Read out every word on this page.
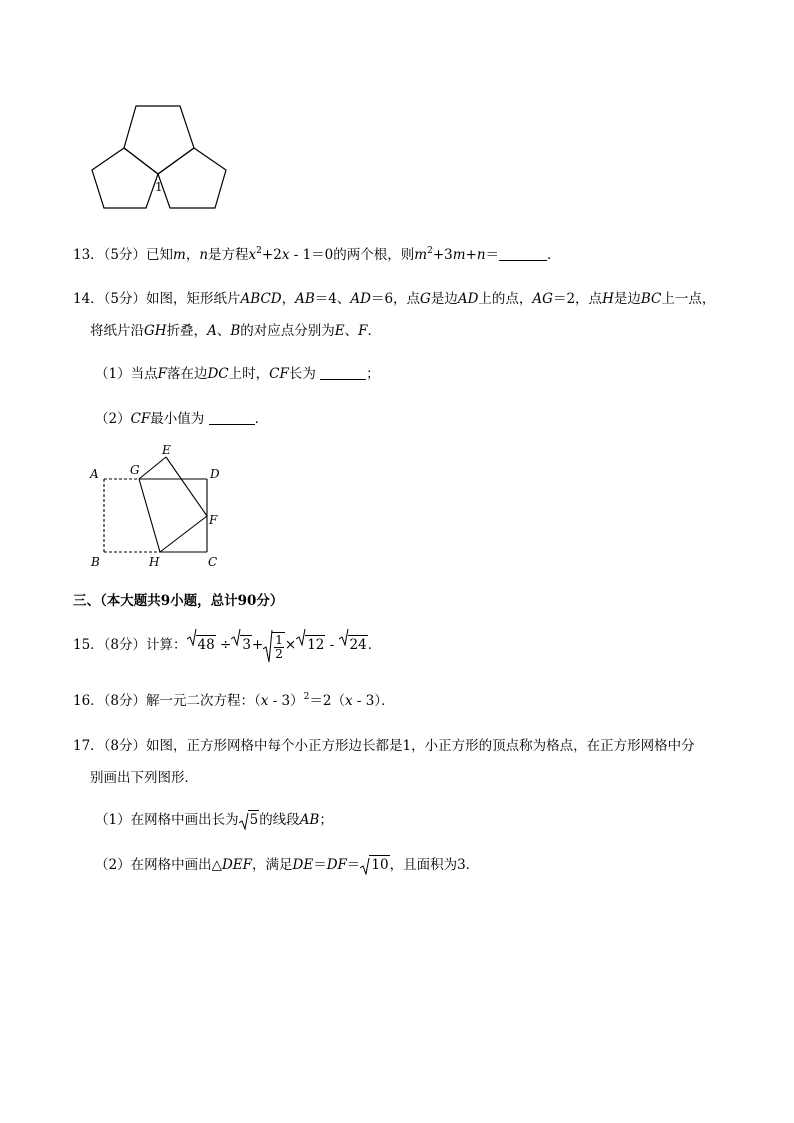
1
13．（5分）已知m，n是方程$x^2+2x - 1=0$的两个根，则$m^2+3m+n=$	．
14．（5分）如图，矩形纸片ABCD，AB＝4、AD＝6，点G是边AD上的点，AG＝2，点H是边BC上一点，
将纸片沿GH折叠，A、B的对应点分别为E、F．
（1）当点F落在边DC上时，CF长为	；
（2）CF最小值为	．
A	G
E
D
F
B	H	C
三、（本大题共9小题，总计90分）
15．（8分）计算： $48 \div 3+ \frac{1}{2} \times 12$ -
24．
16．（8分）解一元二次方程：（x - 3）$^2$＝2（x - 3）．
17．（8分）如图，正方形网格中每个小正方形边长都是1，小正方形的顶点称为格点，在正方形网格中分
别画出下列图形．
（1）在网格中画出长为 5的线段AB；
（2）在网格中画出△DEF，满足DE＝DF＝ 10，且面积为3．
